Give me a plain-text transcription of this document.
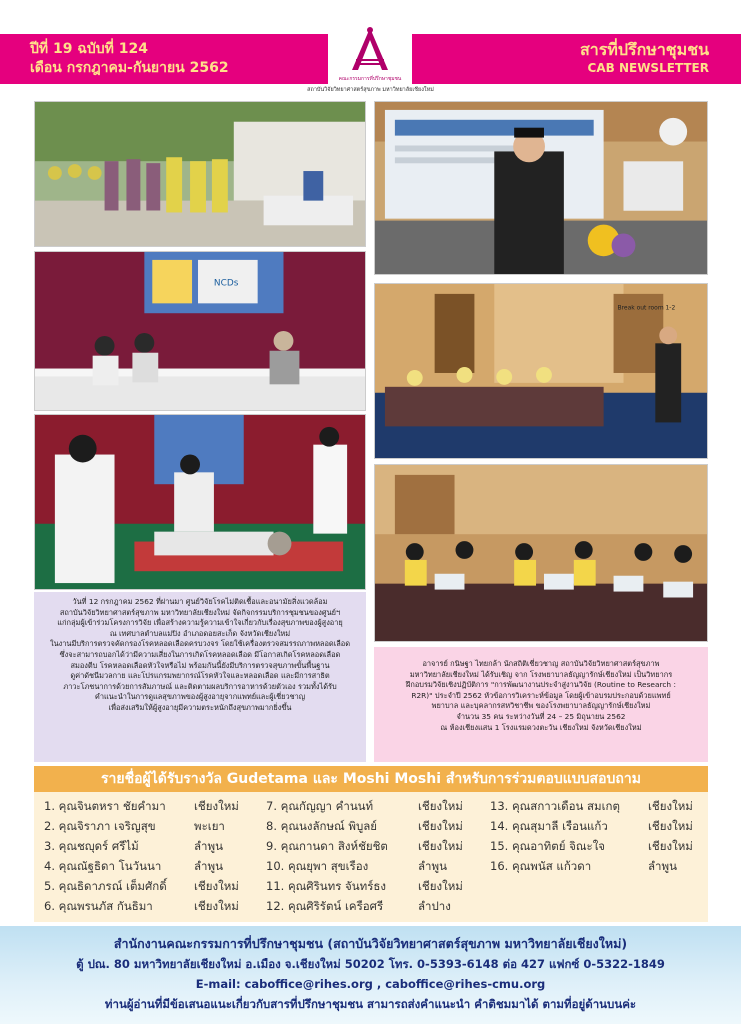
ปีที่ 19 ฉบับที่ 124
เดือน กรกฎาคม-กันยายน 2562
สารที่ปรึกษาชุมชน
CAB NEWSLETTER
คณะกรรมการที่ปรึกษาชุมชน
สถาบันวิจัยวิทยาศาสตร์สุขภาพ มหาวิทยาลัยเชียงใหม่
NCDs
Break out room 1-2
วันที่ 12 กรกฎาคม 2562 ที่ผ่านมา ศูนย์วิจัยโรคไม่ติดเชื้อและอนามัยสิ่งแวดล้อม
สถาบันวิจัยวิทยาศาสตร์สุขภาพ มหาวิทยาลัยเชียงใหม่ จัดกิจกรรมบริการชุมชนของศูนย์ฯ
แก่กลุ่มผู้เข้าร่วมโครงการวิจัย เพื่อสร้างความรู้ความเข้าใจเกี่ยวกับเรื่องสุขภาพของผู้สูงอายุ
ณ เทศบาลตำบลแม่ปิง อำเภอดอยสะเก็ด จังหวัดเชียงใหม่
ในงานมีบริการตรวจคัดกรองโรคหลอดเลือดครบวงจร โดยใช้เครื่องตรวจสมรรถภาพหลอดเลือด
ซึ่งจะสามารถบอกได้ว่ามีความเสี่ยงในการเกิดโรคหลอดเลือด มีโอกาสเกิดโรคหลอดเลือด
สมองตีบ โรคหลอดเลือดหัวใจหรือไม่ พร้อมกันนี้ยังมีบริการตรวจสุขภาพขั้นพื้นฐาน
ดูค่าดัชนีมวลกาย และโปรแกรมพยากรณ์โรคหัวใจและหลอดเลือด และมีการสาธิต
ภาวะโภชนาการด้วยการสัมภาษณ์ และติดตามผลบริการอาหารด้วยตัวเอง รวมทั้งได้รับ
คำแนะนำในการดูแลสุขภาพของผู้สูงอายุจากแพทย์และผู้เชี่ยวชาญ
เพื่อส่งเสริมให้ผู้สูงอายุมีความตระหนักถึงสุขภาพมากยิ่งขึ้น
อาจารย์ กนิษฐา ไทยกล้า นักสถิติเชี่ยวชาญ สถาบันวิจัยวิทยาศาสตร์สุขภาพ
มหาวิทยาลัยเชียงใหม่ ได้รับเชิญ จาก โรงพยาบาลธัญญารักษ์เชียงใหม่ เป็นวิทยากร
ฝึกอบรมวิจัยเชิงปฏิบัติการ "การพัฒนางานประจำสู่งานวิจัย (Routine to Research :
R2R)" ประจำปี 2562 หัวข้อการวิเคราะห์ข้อมูล โดยผู้เข้าอบรมประกอบด้วยแพทย์
พยาบาล และบุคลากรสหวิชาชีพ ของโรงพยาบาลธัญญารักษ์เชียงใหม่
จำนวน 35 คน ระหว่างวันที่ 24 – 25 มิถุนายน 2562
ณ ห้องเชียงแสน 1 โรงแรมดวงตะวัน เชียงใหม่ จังหวัดเชียงใหม่
รายชื่อผู้ได้รับรางวัล Gudetama และ Moshi Moshi สำหรับการร่วมตอบแบบสอบถาม
1. คุณจินตหรา ชัยคำมา	เชียงใหม่
2. คุณจิราภา เจริญสุข	พะเยา
3. คุณชญุดร์ ศรีไม้	ลำพูน
4. คุณณัฐธิดา โนวันนา	ลำพูน
5. คุณธิดาภรณ์ เต็มศักดิ์	เชียงใหม่
6. คุณพรนภัส กันธิมา	เชียงใหม่
7. คุณกัญญา คำนนท์	เชียงใหม่
8. คุณนงลักษณ์ พิบูลย์	เชียงใหม่
9. คุณกานดา สิงห์ชัยชิต	เชียงใหม่
10. คุณยุพา สุขเรือง	ลำพูน
11. คุณศิรินทร จันทร์ธง	เชียงใหม่
12. คุณศิริรัตน์ เครือศรี	ลำปาง
13. คุณสกาวเดือน สมเกตุ	เชียงใหม่
14. คุณสุมาลี เรือนแก้ว	เชียงใหม่
15. คุณอาทิตย์ จิณะใจ	เชียงใหม่
16. คุณพนัส แก้วดา	ลำพูน
สำนักงานคณะกรรมการที่ปรึกษาชุมชน (สถาบันวิจัยวิทยาศาสตร์สุขภาพ มหาวิทยาลัยเชียงใหม่)
ตู้ ปณ. 80 มหาวิทยาลัยเชียงใหม่ อ.เมือง จ.เชียงใหม่ 50202 โทร. 0-5393-6148 ต่อ 427 แฟกซ์ 0-5322-1849
E-mail: caboffice@rihes.org , caboffice@rihes-cmu.org
ท่านผู้อ่านที่มีข้อเสนอแนะเกี่ยวกับสารที่ปรึกษาชุมชน สามารถส่งคำแนะนำ คำติชมมาได้ ตามที่อยู่ด้านบนค่ะ
